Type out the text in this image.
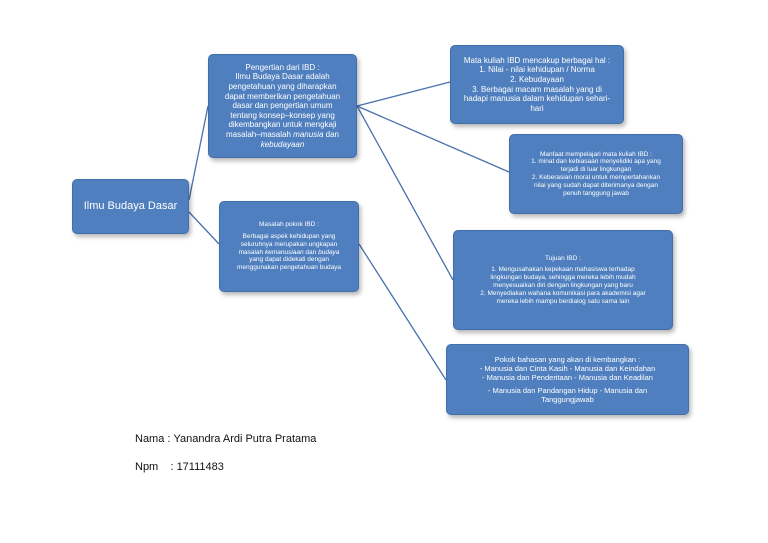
Ilmu Budaya Dasar
Pengertian dari IBD :
Ilmu Budaya Dasar adalah
pengetahuan yang diharapkan
dapat memberikan pengetahuan
dasar dan pengertian umum
tentang konsep–konsep yang
dikembangkan untuk mengkaji
masalah–masalah manusia dan
kebudayaan
Masalah pokok IBD :
Berbagai aspek kehidupan yang
seluruhnya merupakan ungkapan
masalah kemanusiaan dan budaya
yang dapat didekati dengan
menggunakan pengetahuan budaya
Mata kuliah IBD mencakup berbagai hal :
1. Nilai - nilai kehidupan / Norma
2. Kebudayaan
3. Berbagai macam masalah yang di
hadapi manusia dalam kehidupan sehari-
hari
Manfaat mempelajari mata kuliah IBD :
1. minat dan kebiasaan menyelidiki apa yang
terjadi di luar lingkungan
2. Keberasian moral untuk mempertahankan
nilai yang sudah dapat diterimanya dengan
penuh tanggung jawab
Tujuan IBD :
1. Mengusahakan kepekaan mahasiswa terhadap
lingkungan budaya, sehingga mereka lebih mudah
menyesuaikan diri dengan lingkungan yang baru
2. Menyediakan wahana komunikasi para akademisi agar
mereka lebih mampu berdialog satu sama lain
Pokok bahasan yang akan di kembangkan :
- Manusia dan Cinta Kasih - Manusia dan Keindahan
- Manusia dan Penderitaan - Manusia dan Keadilan
- Manusia dan Pandangan Hidup - Manusia dan
Tanggungjawab
Nama : Yanandra Ardi Putra Pratama
Npm    : 17111483
